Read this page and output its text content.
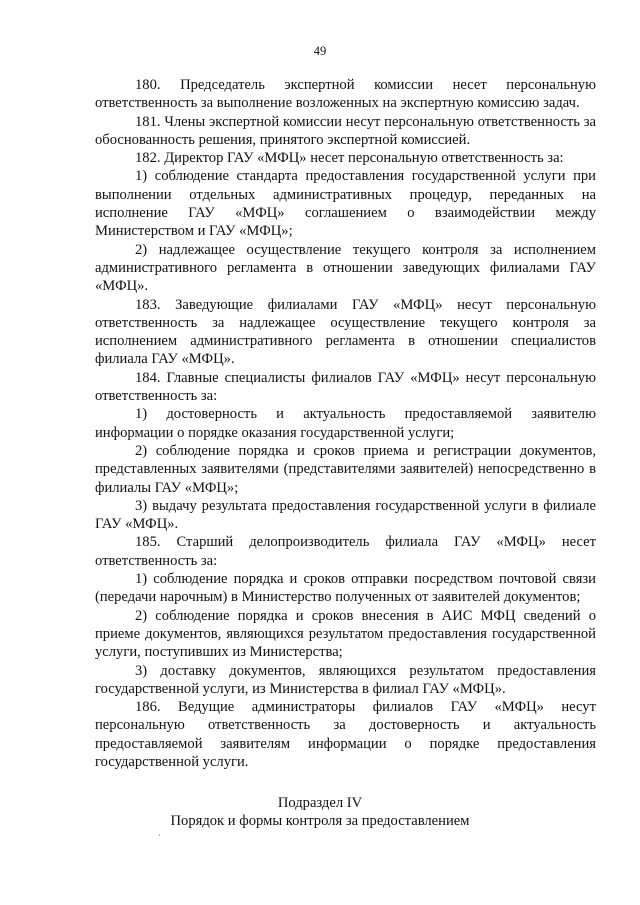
49

180. Председатель экспертной комиссии несет персональную ответственность за выполнение возложенных на экспертную комиссию задач.

181. Члены экспертной комиссии несут персональную ответственность за обоснованность решения, принятого экспертной комиссией.

182. Директор ГАУ «МФЦ» несет персональную ответственность за:

1) соблюдение стандарта предоставления государственной услуги при выполнении отдельных административных процедур, переданных на исполнение ГАУ «МФЦ» соглашением о взаимодействии между Министерством и ГАУ «МФЦ»;

2) надлежащее осуществление текущего контроля за исполнением административного регламента в отношении заведующих филиалами ГАУ «МФЦ».

183. Заведующие филиалами ГАУ «МФЦ» несут персональную ответственность за надлежащее осуществление текущего контроля за исполнением административного регламента в отношении специалистов филиала ГАУ «МФЦ».

184. Главные специалисты филиалов ГАУ «МФЦ» несут персональную ответственность за:

1) достоверность и актуальность предоставляемой заявителю информации о порядке оказания государственной услуги;

2) соблюдение порядка и сроков приема и регистрации документов, представленных заявителями (представителями заявителей) непосредственно в филиалы ГАУ «МФЦ»;

3) выдачу результата предоставления государственной услуги в филиале ГАУ «МФЦ».

185. Старший делопроизводитель филиала ГАУ «МФЦ» несет ответственность за:

1) соблюдение порядка и сроков отправки посредством почтовой связи (передачи нарочным) в Министерство полученных от заявителей документов;

2) соблюдение порядка и сроков внесения в АИС МФЦ сведений о приеме документов, являющихся результатом предоставления государственной услуги, поступивших из Министерства;

3) доставку документов, являющихся результатом предоставления государственной услуги, из Министерства в филиал ГАУ «МФЦ».

186. Ведущие администраторы филиалов ГАУ «МФЦ» несут персональную ответственность за достоверность и актуальность предоставляемой заявителям информации о порядке предоставления государственной услуги.

·
Подраздел IV
Порядок и формы контроля за предоставлением
